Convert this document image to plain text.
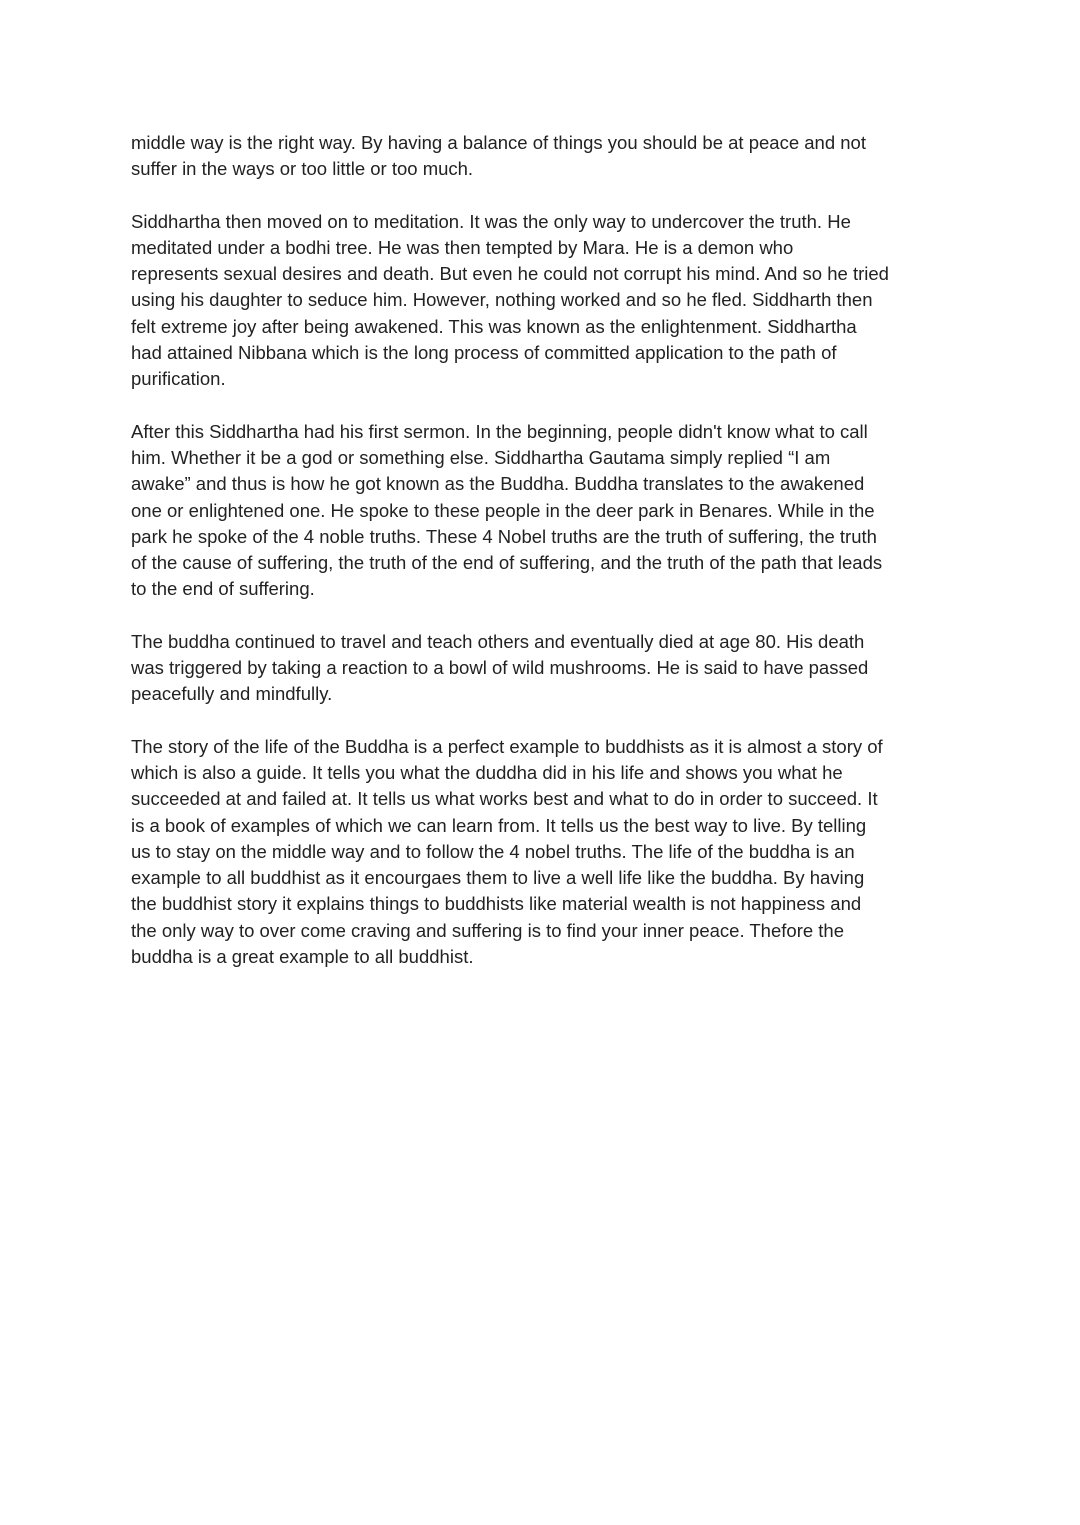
middle way is the right way. By having a balance of things you should be at peace and not
suffer in the ways or too little or too much.

Siddhartha then moved on to meditation. It was the only way to undercover the truth. He
meditated under a bodhi tree. He was then tempted by Mara. He is a demon who
represents sexual desires and death. But even he could not corrupt his mind. And so he tried
using his daughter to seduce him. However, nothing worked and so he fled. Siddharth then
felt extreme joy after being awakened. This was known as the enlightenment. Siddhartha
had attained Nibbana which is the long process of committed application to the path of
purification.

After this Siddhartha had his first sermon. In the beginning, people didn't know what to call
him. Whether it be a god or something else. Siddhartha Gautama simply replied “I am
awake” and thus is how he got known as the Buddha. Buddha translates to the awakened
one or enlightened one. He spoke to these people in the deer park in Benares. While in the
park he spoke of the 4 noble truths. These 4 Nobel truths are the truth of suffering, the truth
of the cause of suffering, the truth of the end of suffering, and the truth of the path that leads
to the end of suffering.

The buddha continued to travel and teach others and eventually died at age 80. His death
was triggered by taking a reaction to a bowl of wild mushrooms. He is said to have passed
peacefully and mindfully.

The story of the life of the Buddha is a perfect example to buddhists as it is almost a story of
which is also a guide. It tells you what the duddha did in his life and shows you what he
succeeded at and failed at. It tells us what works best and what to do in order to succeed. It
is a book of examples of which we can learn from. It tells us the best way to live. By telling
us to stay on the middle way and to follow the 4 nobel truths. The life of the buddha is an
example to all buddhist as it encourgaes them to live a well life like the buddha. By having
the buddhist story it explains things to buddhists like material wealth is not happiness and
the only way to over come craving and suffering is to find your inner peace. Thefore the
buddha is a great example to all buddhist.
